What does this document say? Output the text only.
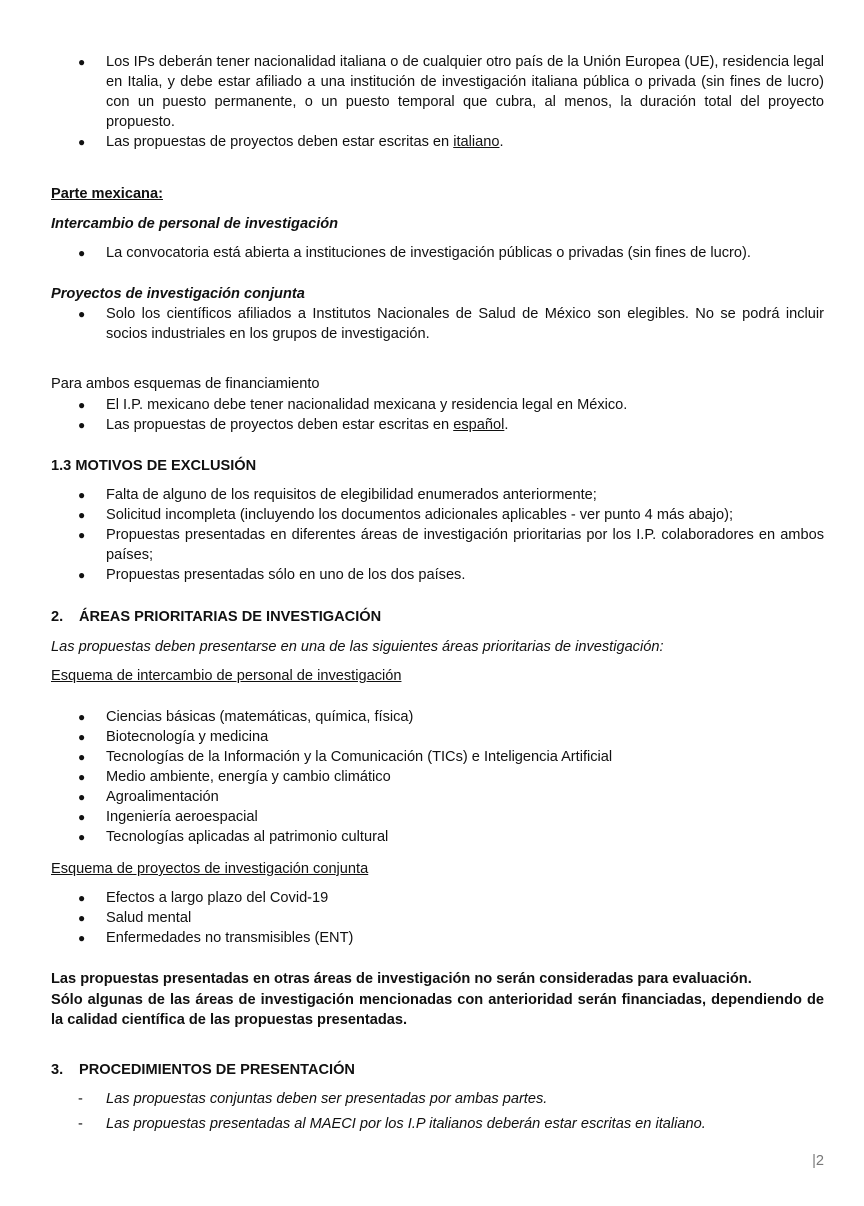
● Los IPs deberán tener nacionalidad italiana o de cualquier otro país de la Unión Europea (UE), residencia legal en Italia, y debe estar afiliado a una institución de investigación italiana pública o privada (sin fines de lucro) con un puesto permanente, o un puesto temporal que cubra, al menos, la duración total del proyecto propuesto.
● Las propuestas de proyectos deben estar escritas en italiano.
Parte mexicana:
Intercambio de personal de investigación
● La convocatoria está abierta a instituciones de investigación públicas o privadas (sin fines de lucro).
Proyectos de investigación conjunta
● Solo los científicos afiliados a Institutos Nacionales de Salud de México son elegibles. No se podrá incluir socios industriales en los grupos de investigación.
Para ambos esquemas de financiamiento
● El I.P. mexicano debe tener nacionalidad mexicana y residencia legal en México.
● Las propuestas de proyectos deben estar escritas en español.
1.3 MOTIVOS DE EXCLUSIÓN
● Falta de alguno de los requisitos de elegibilidad enumerados anteriormente;
● Solicitud incompleta (incluyendo los documentos adicionales aplicables - ver punto 4 más abajo);
● Propuestas presentadas en diferentes áreas de investigación prioritarias por los I.P. colaboradores en ambos países;
● Propuestas presentadas sólo en uno de los dos países.
2. ÁREAS PRIORITARIAS DE INVESTIGACIÓN
Las propuestas deben presentarse en una de las siguientes áreas prioritarias de investigación:
Esquema de intercambio de personal de investigación
● Ciencias básicas (matemáticas, química, física)
● Biotecnología y medicina
● Tecnologías de la Información y la Comunicación (TICs) e Inteligencia Artificial
● Medio ambiente, energía y cambio climático
● Agroalimentación
● Ingeniería aeroespacial
● Tecnologías aplicadas al patrimonio cultural
Esquema de proyectos de investigación conjunta
● Efectos a largo plazo del Covid-19
● Salud mental
● Enfermedades no transmisibles (ENT)
Las propuestas presentadas en otras áreas de investigación no serán consideradas para evaluación.
Sólo algunas de las áreas de investigación mencionadas con anterioridad serán financiadas, dependiendo de la calidad científica de las propuestas presentadas.
3. PROCEDIMIENTOS DE PRESENTACIÓN
- Las propuestas conjuntas deben ser presentadas por ambas partes.
- Las propuestas presentadas al MAECI por los I.P italianos deberán estar escritas en italiano.
|2
